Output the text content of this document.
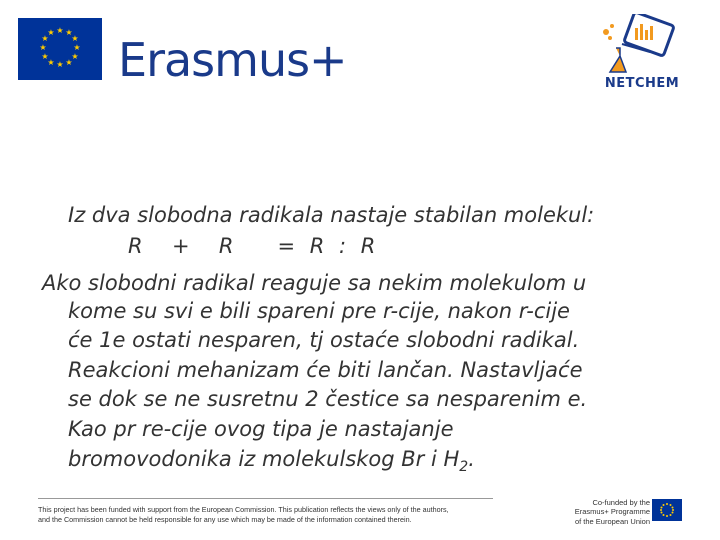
★ ★
★
★
★
★
★
★
★
★
★
★
Erasmus+	NETCHEM
Iz dva slobodna radikala nastaje stabilan molekul:
R  +  R   = R : R
Ako slobodni radikal reaguje sa nekim molekulom u
kome su svi e bili spareni pre r-cije, nakon r-cije
će 1e ostati nesparen, tj ostaće slobodni radikal.
Reakcioni mehanizam će biti lančan. Nastavljaće
se dok se ne susretnu 2 čestice sa nesparenim e.
Kao pr re-cije ovog tipa je nastajanje
bromovodonika iz molekulskog Br i $H_2$.
This project has been funded with support from the European Commission. This publication reflects the views only of the authors,
and the Commission cannot be held responsible for any use which may be made of the information contained therein.
Co-funded by the Erasmus+ Programme of the European Union
